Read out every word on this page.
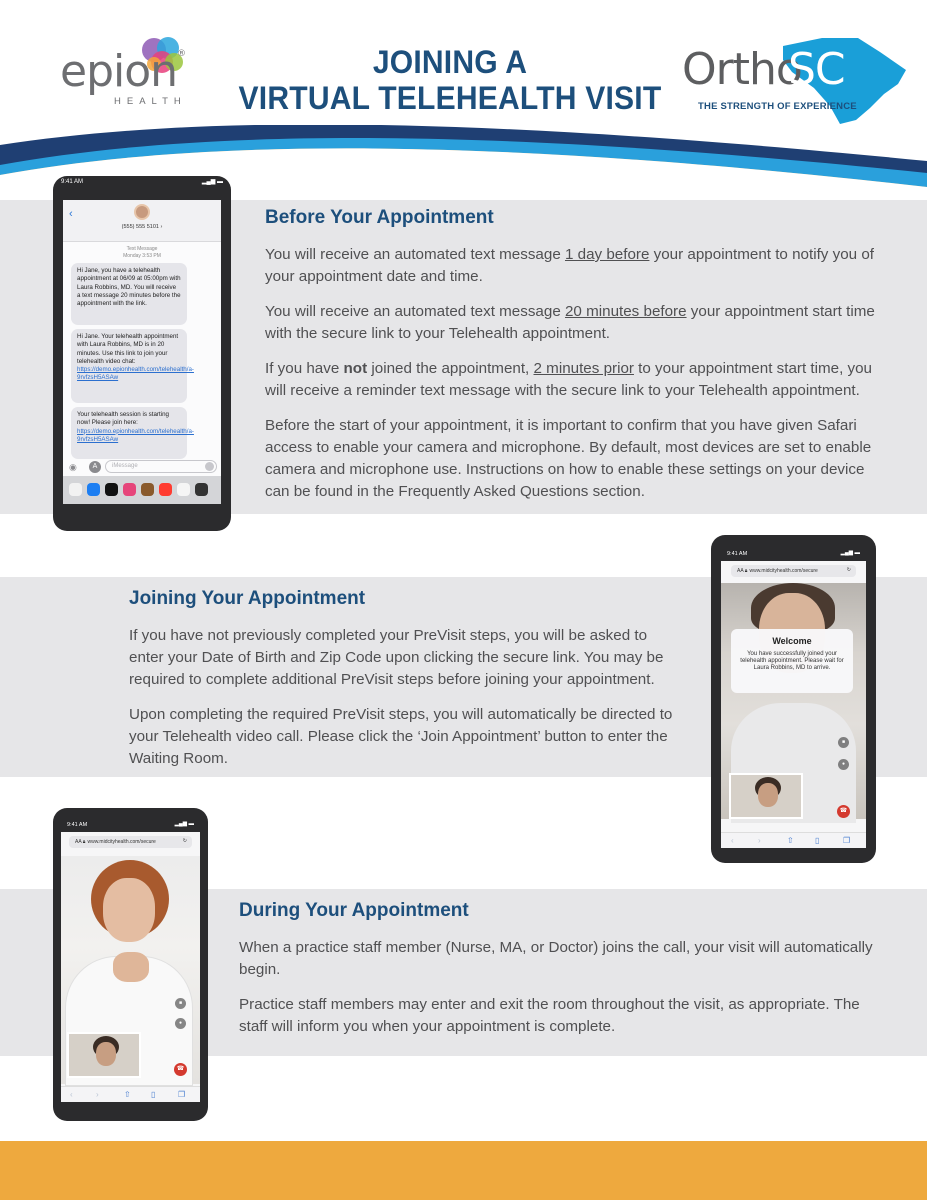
epion®
HEALTH
JOINING A
VIRTUAL TELEHEALTH VISIT
Ortho
SC
THE STRENGTH OF EXPERIENCE
Before Your Appointment

You will receive an automated text message 1 day before your appointment to notify you of your appointment date and time.

You will receive an automated text message 20 minutes before your appointment start time with the secure link to your Telehealth appointment.

If you have not joined the appointment, 2 minutes prior to your appointment start time, you will receive a reminder text message with the secure link to your Telehealth appointment.

Before the start of your appointment, it is important to confirm that you have given Safari access to enable your camera and microphone. By default, most devices are set to enable camera and microphone use. Instructions on how to enable these settings on your device can be found in the Frequently Asked Questions section.

Joining Your Appointment

If you have not previously completed your PreVisit steps, you will be asked to enter your Date of Birth and Zip Code upon clicking the secure link. You may be required to complete additional PreVisit steps before joining your appointment.

Upon completing the required PreVisit steps, you will automatically be directed to your Telehealth video call. Please click the ‘Join Appointment’ button to enter the Waiting Room.

During Your Appointment

When a practice staff member (Nurse, MA, or Doctor) joins the call, your visit will automatically begin.

Practice staff members may enter and exit the room throughout the visit, as appropriate. The staff will inform you when your appointment is complete.

9:41 AM	▂▄▆ ▬
‹
(555) 555 5101 ›
Text Message
Monday 3:53 PM
Hi Jane, you have a telehealth appointment at 06/09 at 05:00pm with Laura Robbins, MD. You will receive a text message 20 minutes before the appointment with the link.
Hi Jane. Your telehealth appointment with Laura Robbins, MD is in 20 minutes. Use this link to join your telehealth video chat: https://demo.epionhealth.com/telehealth/a-9rvfzsH5ASAw
Your telehealth session is starting now! Please join here: https://demo.epionhealth.com/telehealth/a-9rvfzsH5ASAw
◉	A	iMessage
9:41 AM	▂▄▆ ▬
AA 🔒︎ www.midcityhealth.com/secure	↻
Welcome
You have successfully joined your telehealth appointment. Please wait for Laura Robbins, MD to arrive.
■
●
☎︎
‹	›	⇧	▯	❐
9:41 AM	▂▄▆ ▬
AA 🔒︎ www.midcityhealth.com/secure	↻
■
●
☎︎
‹	›	⇧	▯	❐
